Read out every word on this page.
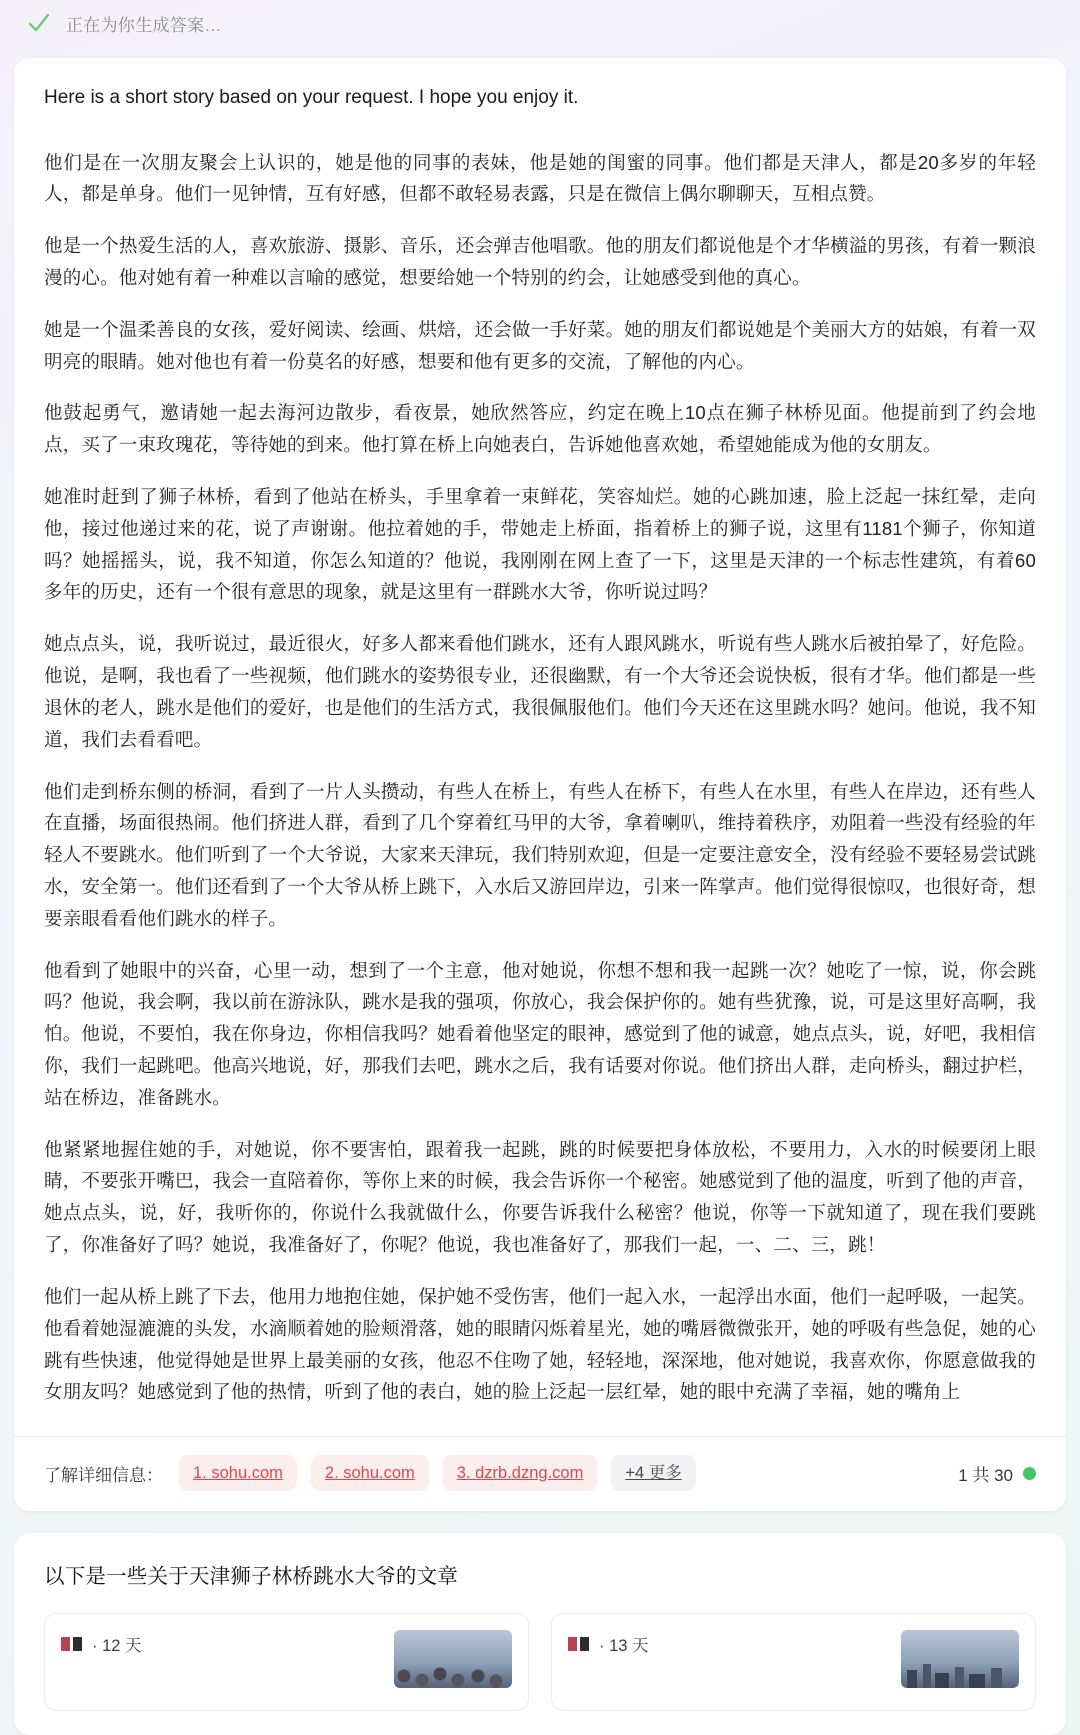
正在为你生成答案…

Here is a short story based on your request. I hope you enjoy it.

他们是在一次朋友聚会上认识的，她是他的同事的表妹，他是她的闺蜜的同事。他们都是天津人，都是20多岁的年轻人，都是单身。他们一见钟情，互有好感，但都不敢轻易表露，只是在微信上偶尔聊聊天，互相点赞。

他是一个热爱生活的人，喜欢旅游、摄影、音乐，还会弹吉他唱歌。他的朋友们都说他是个才华横溢的男孩，有着一颗浪漫的心。他对她有着一种难以言喻的感觉，想要给她一个特别的约会，让她感受到他的真心。

她是一个温柔善良的女孩，爱好阅读、绘画、烘焙，还会做一手好菜。她的朋友们都说她是个美丽大方的姑娘，有着一双明亮的眼睛。她对他也有着一份莫名的好感，想要和他有更多的交流，了解他的内心。

他鼓起勇气，邀请她一起去海河边散步，看夜景，她欣然答应，约定在晚上10点在狮子林桥见面。他提前到了约会地点，买了一束玫瑰花，等待她的到来。他打算在桥上向她表白，告诉她他喜欢她，希望她能成为他的女朋友。

她准时赶到了狮子林桥，看到了他站在桥头，手里拿着一束鲜花，笑容灿烂。她的心跳加速，脸上泛起一抹红晕，走向他，接过他递过来的花，说了声谢谢。他拉着她的手，带她走上桥面，指着桥上的狮子说，这里有1181个狮子，你知道吗？她摇摇头，说，我不知道，你怎么知道的？他说，我刚刚在网上查了一下，这里是天津的一个标志性建筑，有着60多年的历史，还有一个很有意思的现象，就是这里有一群跳水大爷，你听说过吗？

她点点头，说，我听说过，最近很火，好多人都来看他们跳水，还有人跟风跳水，听说有些人跳水后被拍晕了，好危险。他说，是啊，我也看了一些视频，他们跳水的姿势很专业，还很幽默，有一个大爷还会说快板，很有才华。他们都是一些退休的老人，跳水是他们的爱好，也是他们的生活方式，我很佩服他们。他们今天还在这里跳水吗？她问。他说，我不知道，我们去看看吧。

他们走到桥东侧的桥洞，看到了一片人头攒动，有些人在桥上，有些人在桥下，有些人在水里，有些人在岸边，还有些人在直播，场面很热闹。他们挤进人群，看到了几个穿着红马甲的大爷，拿着喇叭，维持着秩序，劝阻着一些没有经验的年轻人不要跳水。他们听到了一个大爷说，大家来天津玩，我们特别欢迎，但是一定要注意安全，没有经验不要轻易尝试跳水，安全第一。他们还看到了一个大爷从桥上跳下，入水后又游回岸边，引来一阵掌声。他们觉得很惊叹，也很好奇，想要亲眼看看他们跳水的样子。

他看到了她眼中的兴奋，心里一动，想到了一个主意，他对她说，你想不想和我一起跳一次？她吃了一惊，说，你会跳吗？他说，我会啊，我以前在游泳队，跳水是我的强项，你放心，我会保护你的。她有些犹豫，说，可是这里好高啊，我怕。他说，不要怕，我在你身边，你相信我吗？她看着他坚定的眼神，感觉到了他的诚意，她点点头，说，好吧，我相信你，我们一起跳吧。他高兴地说，好，那我们去吧，跳水之后，我有话要对你说。他们挤出人群，走向桥头，翻过护栏，站在桥边，准备跳水。

他紧紧地握住她的手，对她说，你不要害怕，跟着我一起跳，跳的时候要把身体放松，不要用力，入水的时候要闭上眼睛，不要张开嘴巴，我会一直陪着你，等你上来的时候，我会告诉你一个秘密。她感觉到了他的温度，听到了他的声音，她点点头，说，好，我听你的，你说什么我就做什么，你要告诉我什么秘密？他说，你等一下就知道了，现在我们要跳了，你准备好了吗？她说，我准备好了，你呢？他说，我也准备好了，那我们一起，一、二、三，跳！

他们一起从桥上跳了下去，他用力地抱住她，保护她不受伤害，他们一起入水，一起浮出水面，他们一起呼吸，一起笑。他看着她湿漉漉的头发，水滴顺着她的脸颊滑落，她的眼睛闪烁着星光，她的嘴唇微微张开，她的呼吸有些急促，她的心跳有些快速，他觉得她是世界上最美丽的女孩，他忍不住吻了她，轻轻地，深深地，他对她说，我喜欢你，你愿意做我的女朋友吗？她感觉到了他的热情，听到了他的表白，她的脸上泛起一层红晕，她的眼中充满了幸福，她的嘴角上

了解详细信息：	1. sohu.com	2. sohu.com	3. dzrb.dzng.com	+4 更多	1 共 30
以下是一些关于天津狮子林桥跳水大爷的文章
· 12 天	· 13 天
